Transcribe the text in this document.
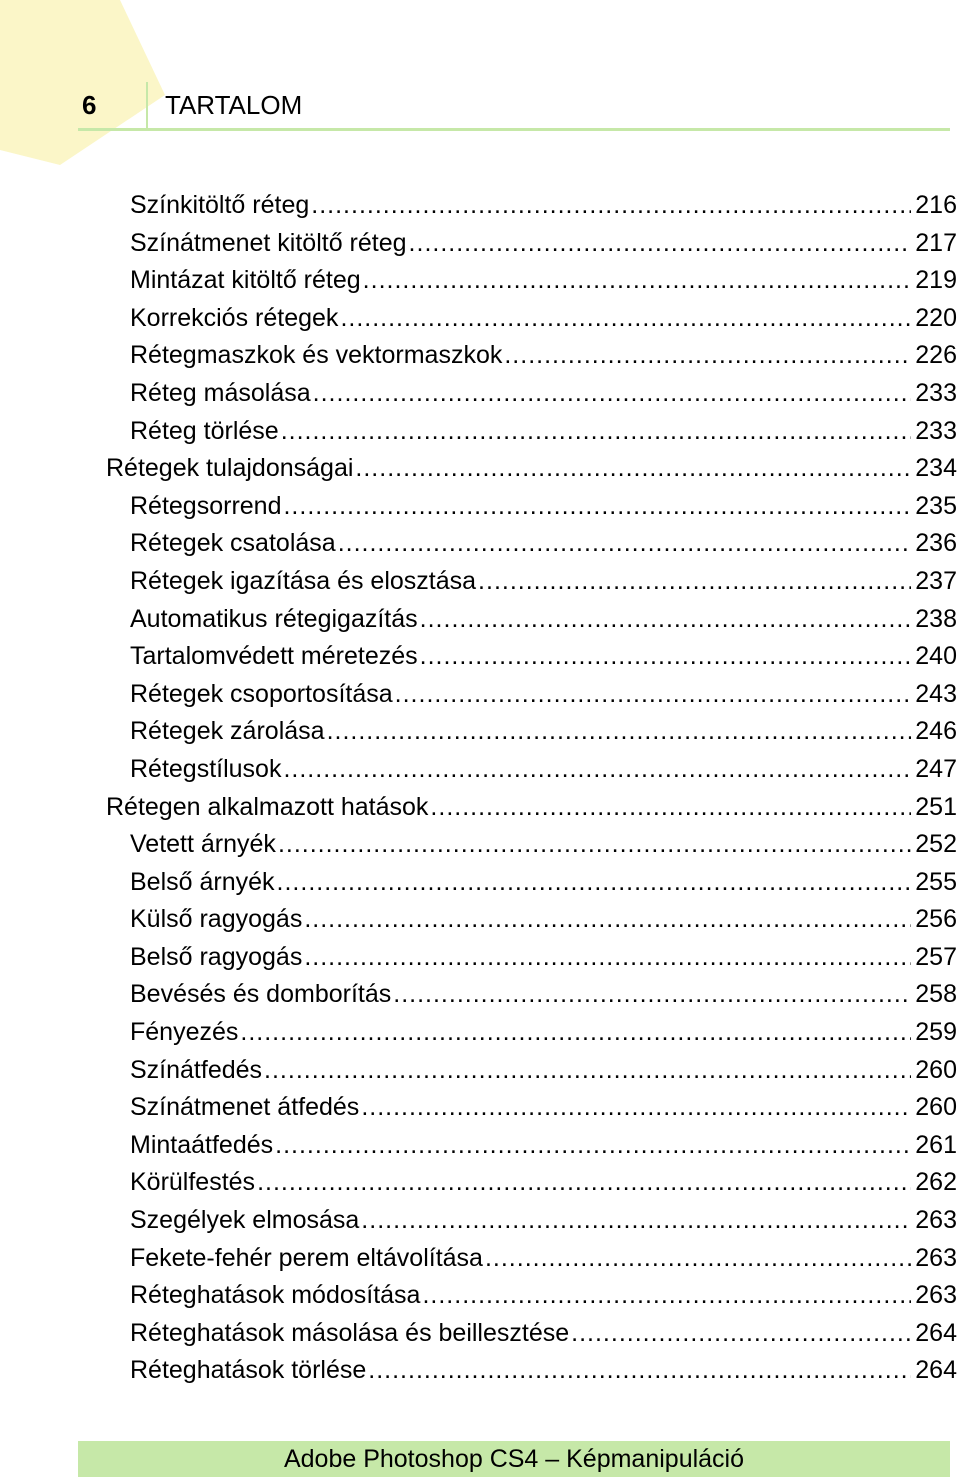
6	TARTALOM
Színkitöltő réteg .....	216
Színátmenet kitöltő réteg .....	217
Mintázat kitöltő réteg .....	219
Korrekciós rétegek .....	220
Rétegmaszkok és vektormaszkok .....	226
Réteg másolása .....	233
Réteg törlése .....	233
Rétegek tulajdonságai .....	234
Rétegsorrend .....	235
Rétegek csatolása .....	236
Rétegek igazítása és elosztása .....	237
Automatikus rétegigazítás .....	238
Tartalomvédett méretezés .....	240
Rétegek csoportosítása .....	243
Rétegek zárolása .....	246
Rétegstílusok .....	247
Rétegen alkalmazott hatások .....	251
Vetett árnyék .....	252
Belső árnyék .....	255
Külső ragyogás .....	256
Belső ragyogás .....	257
Bevésés és domborítás .....	258
Fényezés .....	259
Színátfedés .....	260
Színátmenet átfedés .....	260
Mintaátfedés .....	261
Körülfestés .....	262
Szegélyek elmosása .....	263
Fekete-fehér perem eltávolítása .....	263
Réteghatások módosítása .....	263
Réteghatások másolása és beillesztése .....	264
Réteghatások törlése .....	264
Adobe Photoshop CS4 – Képmanipuláció
